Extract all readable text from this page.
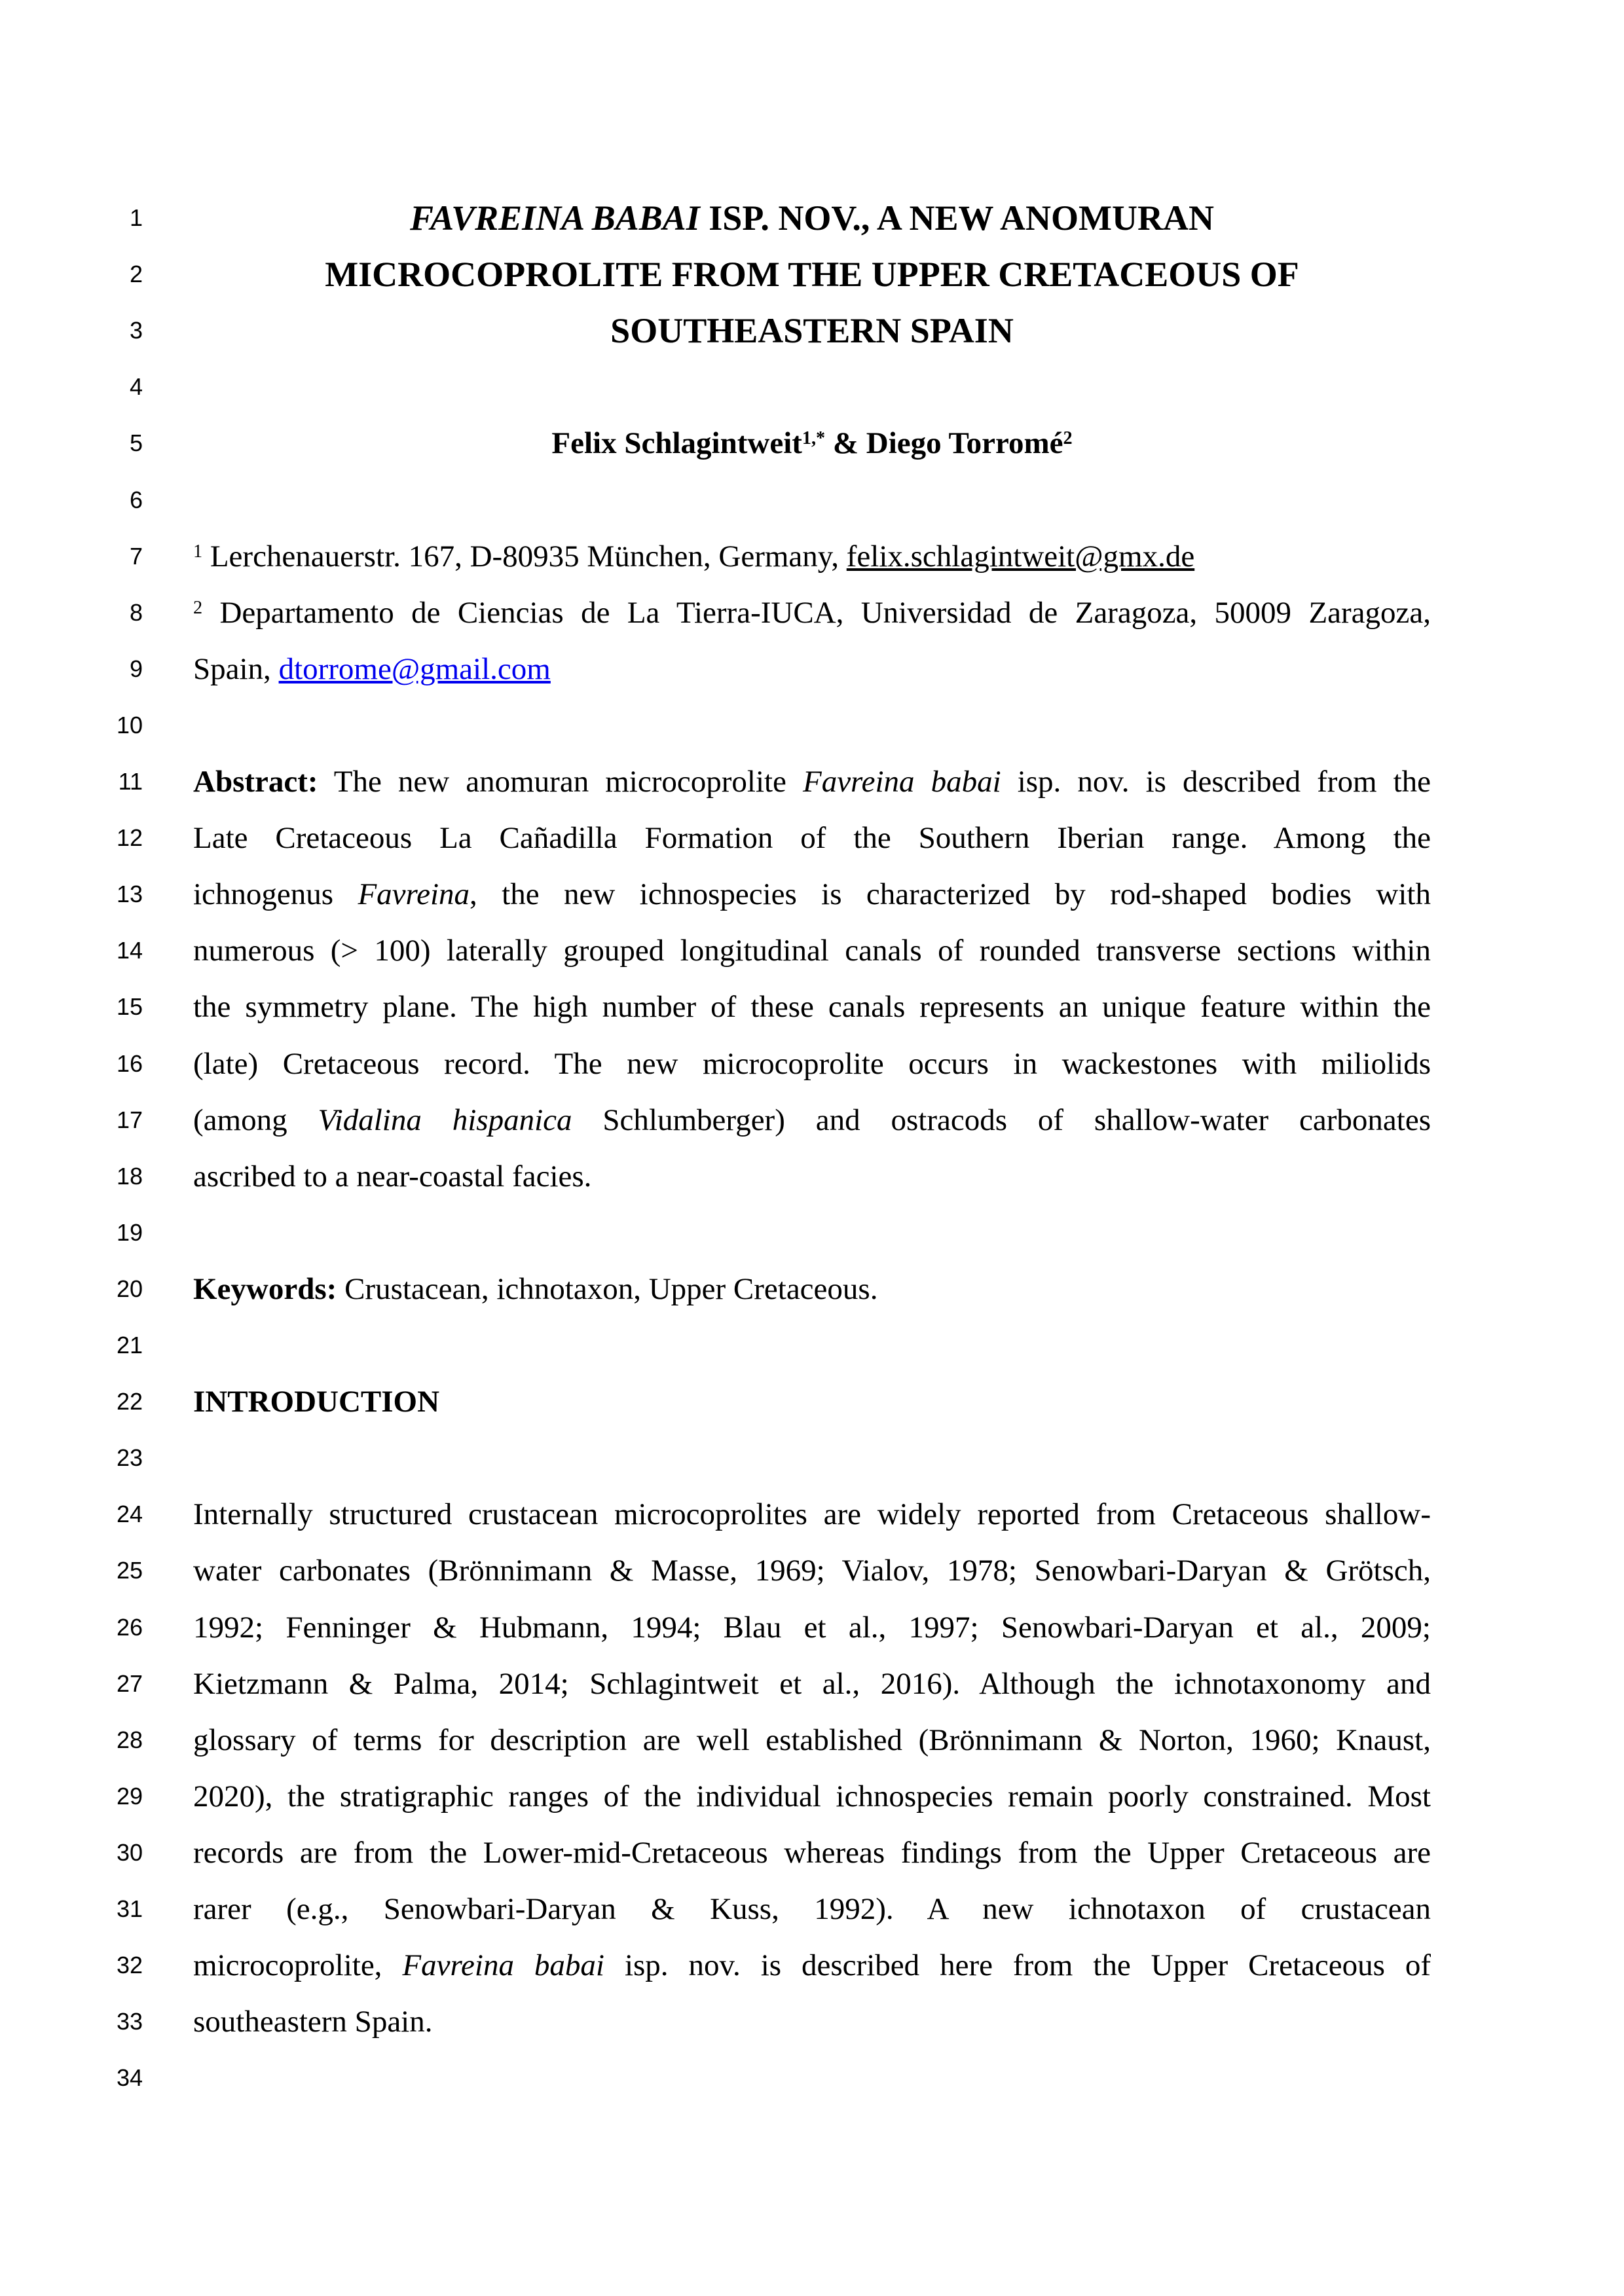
1	FAVREINA BABAI ISP. NOV., A NEW ANOMURAN
2	MICROCOPROLITE FROM THE UPPER CRETACEOUS OF
3	SOUTHEASTERN SPAIN
4
5	Felix Schlagintweit$^{1,*}$ & Diego Torromé$^2$
6
7	$^1$ Lerchenauerstr. 167, D-80935 München, Germany, felix.schlagintweit@gmx.de
8	$^2$ Departamento de Ciencias de La Tierra-IUCA, Universidad de Zaragoza, 50009 Zaragoza,
9 Spain, dtorrome@gmail.com
10
11 Abstract: The new anomuran microcoprolite Favreina babai isp. nov. is described from the
12 Late Cretaceous La Cañadilla Formation of the Southern Iberian range. Among the
13 ichnogenus Favreina, the new ichnospecies is characterized by rod-shaped bodies with
14 numerous (> 100) laterally grouped longitudinal canals of rounded transverse sections within
15 the symmetry plane. The high number of these canals represents an unique feature within the
16 (late) Cretaceous record. The new microcoprolite occurs in wackestones with miliolids
17 (among Vidalina hispanica Schlumberger) and ostracods of shallow-water carbonates
18 ascribed to a near-coastal facies.
19
20 Keywords: Crustacean, ichnotaxon, Upper Cretaceous.
21
22 INTRODUCTION
23
24 Internally structured crustacean microcoprolites are widely reported from Cretaceous shallow-
25 water carbonates (Brönnimann & Masse, 1969; Vialov, 1978; Senowbari-Daryan & Grötsch,
26 1992; Fenninger & Hubmann, 1994; Blau et al., 1997; Senowbari-Daryan et al., 2009;
27 Kietzmann & Palma, 2014; Schlagintweit et al., 2016). Although the ichnotaxonomy and
28 glossary of terms for description are well established (Brönnimann & Norton, 1960; Knaust,
29 2020), the stratigraphic ranges of the individual ichnospecies remain poorly constrained. Most
30 records are from the Lower-mid-Cretaceous whereas findings from the Upper Cretaceous are
31 rarer (e.g., Senowbari-Daryan & Kuss, 1992). A new ichnotaxon of crustacean
32 microcoprolite, Favreina babai isp. nov. is described here from the Upper Cretaceous of
33 southeastern Spain.
34
